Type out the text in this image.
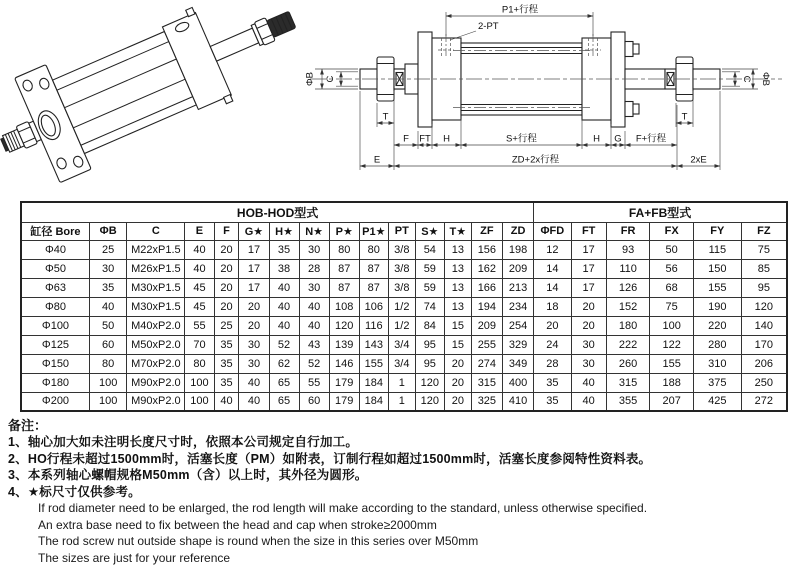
P1+行程
2-PT
ΦB C	C ΦB
T	T
F FT H	S+行程	H G F+行程
E	ZD+2x行程	2xE
HOB-HOD型式															FA+FB型式					
缸径 Bore	ΦB	C	E	F	G★	H★	N★	P★	P1★	PT	S★	T★	ZF	ZD	ΦFD	FT	FR	FX	FY	FZ
Φ40	25	M22xP1.5	40	20	17	35	30	80	80	3/8	54	13	156	198	12	17	93	50	115	75
Φ50	30	M26xP1.5	40	20	17	38	28	87	87	3/8	59	13	162	209	14	17	110	56	150	85
Φ63	35	M30xP1.5	45	20	17	40	30	87	87	3/8	59	13	166	213	14	17	126	68	155	95
Φ80	40	M30xP1.5	45	20	20	40	40	108	106	1/2	74	13	194	234	18	20	152	75	190	120
Φ100	50	M40xP2.0	55	25	20	40	40	120	116	1/2	84	15	209	254	20	20	180	100	220	140
Φ125	60	M50xP2.0	70	35	30	52	43	139	143	3/4	95	15	255	329	24	30	222	122	280	170
Φ150	80	M70xP2.0	80	35	30	62	52	146	155	3/4	95	20	274	349	28	30	260	155	310	206
Φ180	100	M90xP2.0	100	35	40	65	55	179	184	1	120	20	315	400	35	40	315	188	375	250
Φ200	100	M90xP2.0	100	40	40	65	60	179	184	1	120	20	325	410	35	40	355	207	425	272
备注：
1、轴心加大如未注明长度尺寸时，依照本公司规定自行加工。
2、HO行程未超过1500mm时，活塞长度（PM）如附表，订制行程如超过1500mm时，活塞长度参阅特性资料表。
3、本系列轴心螺帽规格M50mm（含）以上时，其外径为圆形。
4、★标尺寸仅供参考。
If rod diameter need to be enlarged, the rod length will make according to the standard, unless otherwise specified.
An extra base need to fix between the head and cap when stroke≥2000mm
The rod screw nut outside shape is round when the size in this series over M50mm
The sizes are just for your reference
